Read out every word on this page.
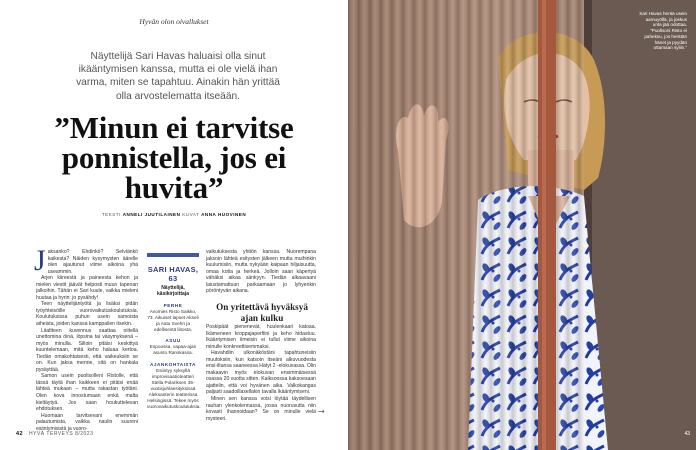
Hyvän olon oivallukset

Näyttelijä Sari Havas haluaisi olla sinut ikääntymisen kanssa, mutta ei ole vielä ihan varma, miten se tapahtuu. Ainakin hän yrittää olla arvostelematta itseään.

”Minun ei tarvitse ponnistella, jos ei huvita”
TEKSTI ANNELI JUUTILAINEN KUVAT ANNA HUOVINEN
J aksanko? Ehdinkö? Selviänkö kaikesta? Näiden kysymysten äärelle olen ajautunut viime aikoina yhä useammin.

Arjen kiireestä ja paineesta kehon ja mielen viestit jäävät helposti muun tapenan jalkoihin. Tähän ei Sari kuule, vaikka mieleni huutaa ja hyrin: jo pysähdy!

Teen näyttelijäntyötä ja lisäksi pidän työyhteisöille vuorovaikutuskoulutuksia. Koulutuksissa puhun usein samoista aiheista, joiden kanssa kamppailen itsekin.

Litaltteen kuvennus saattaa niitellä unettomina öinä, löpsina tai väsymyksenä – myös minulla. Silloin pitäisi keskittyä kuuntelemaan, mitä keho haluaa kertoa. Tiedän omakohtaisesti, että vaikeuksiin se on. Kun jaksa menne, sitä on hankala pysäyttää.

Samon usein puolisolleni Ristolle, että tässä täytä ihan kaikkeen ei pitäisi enää lähteä mukaan – mutta rakastan työtäni. Olen kova innostumaan enkä malta kieltäytyä. Jos saan houkuttelevan ehdotuksen.

Huomaan tarvitsevani enemmän palautumista, vaikka naulin suureni esiintymisistä ja vuoro-

SARI HAVAS, 63
Näyttelijä, käsikirjoittaja
PERHE

Avomies Risto Saikko, 73. Aikuiset lapset Akseli ja Aatu Svehn ja edellisestä liitosta.

ASUU

Espoossa, vapaa-ajan asunto Ranskassa.

AJANKOHTAISTA

Esiintyy syksyllä improvisaatioteatteri Stella Polariksen 35-vuotisjuhlaesityksissä Aleksanterin teatterissa Helsingissä. Tekee myös vuorovaikutuskoulutuksia.

vaikutuksesta yhtiön kanssa. Nuorempana jaksoin lähteä esitysten jälkeen mutta muihinkin kuulumisiin, mutta nykyään kaipaan hiljaisuutta, omaa kotia ja herkeä. Jolloin saan käpertyä vähäksi aikaa sänkyyn. Tiedän alkaavaani laiustamattuun parkaamaan jo lyhyenkin pöröntyvän aikana.

On yritettävä hyväksyä ajan kulku

Poskipäät pienenevät, huulenkaari katoaa. Ikämeneen kroppajaperfiini ja keho hidastuu. Ikääntymisen ilmeisin ei tullut viime aikoina minulle konkreettisemmaksi.

Havahdiin ulkonäköstäni tapahtuneisiin muutoksiin, kun katsoin itseäni alkuvuodesta ensi-iltansa saaneessa Hätyt 2 -elokuvassa. Olin makaavin myös elokuvan ensimmäisessä osassa 20 vuotta sitten. Kaiksoossa kaksoesaan ajattelin, että voi hyvänen aika. Valkokangas paljasti saadoillasellakin tavalla ikääntymiseni.

Minen sen kanssa voisi löytää täydellisen rauhan ylenkolennassa, jossa nuorusutta niin kovasti ihannoidaan? Se on minulle vielä mysteeri.

→
42 HYVÄ TERVEYS 8/2023
Sari Havas herää usein aamuyöllä, ja joskus unta jää odottaa. ”Puolisoni Risto ei paheksu, jos herätän hänet ja pyydän ottamaan syliin.”
43
